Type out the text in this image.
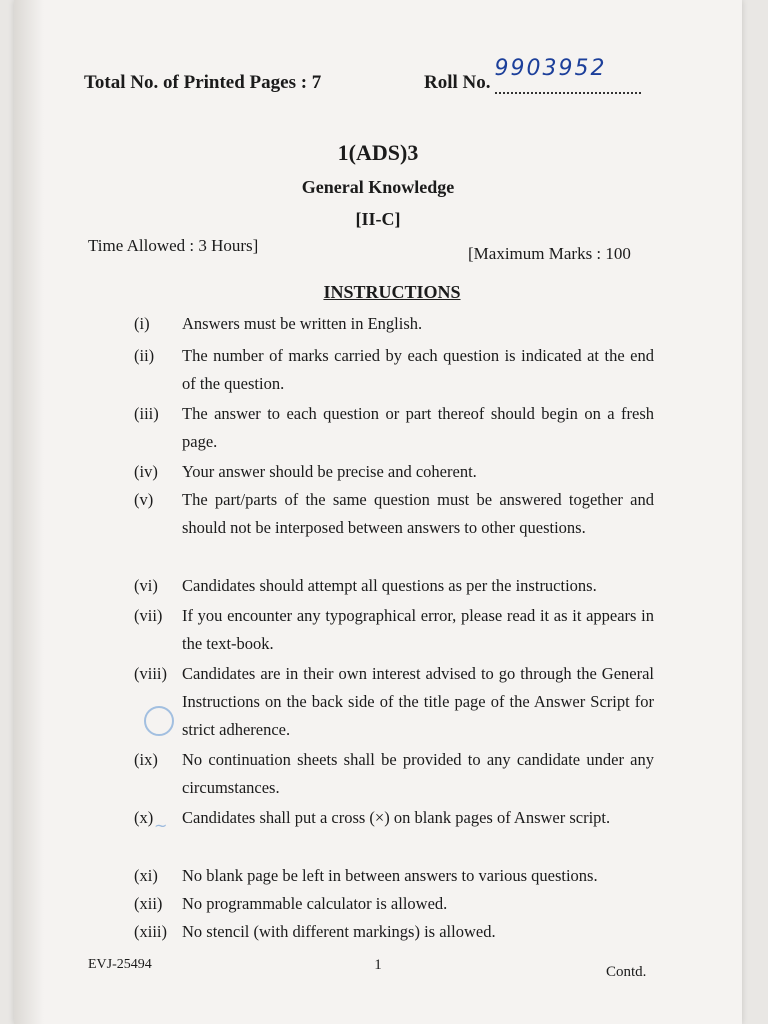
Total No. of Printed Pages : 7	Roll No.
9903952
1(ADS)3
General Knowledge
[II-C]
Time Allowed : 3 Hours]	[Maximum Marks : 100
INSTRUCTIONS
(i)	Answers must be written in English.
(ii)	The number of marks carried by each question is indicated at the end of the question.
(iii)	The answer to each question or part thereof should begin on a fresh page.
(iv)	Your answer should be precise and coherent.
(v)	The part/parts of the same question must be answered together and should not be interposed between answers to other questions.
(vi)	Candidates should attempt all questions as per the instructions.
(vii)	If you encounter any typographical error, please read it as it appears in the text-book.
(viii) Candidates are in their own interest advised to go through the General Instructions on the back side of the title page of the Answer Script for strict adherence.
(ix)	No continuation sheets shall be provided to any candidate under any circumstances.
(x)	Candidates shall put a cross (×) on blank pages of Answer script.
(xi)	No blank page be left in between answers to various questions.
(xii)	No programmable calculator is allowed.
(xiii) No stencil (with different markings) is allowed.
~
EVJ-25494	1	Contd.
